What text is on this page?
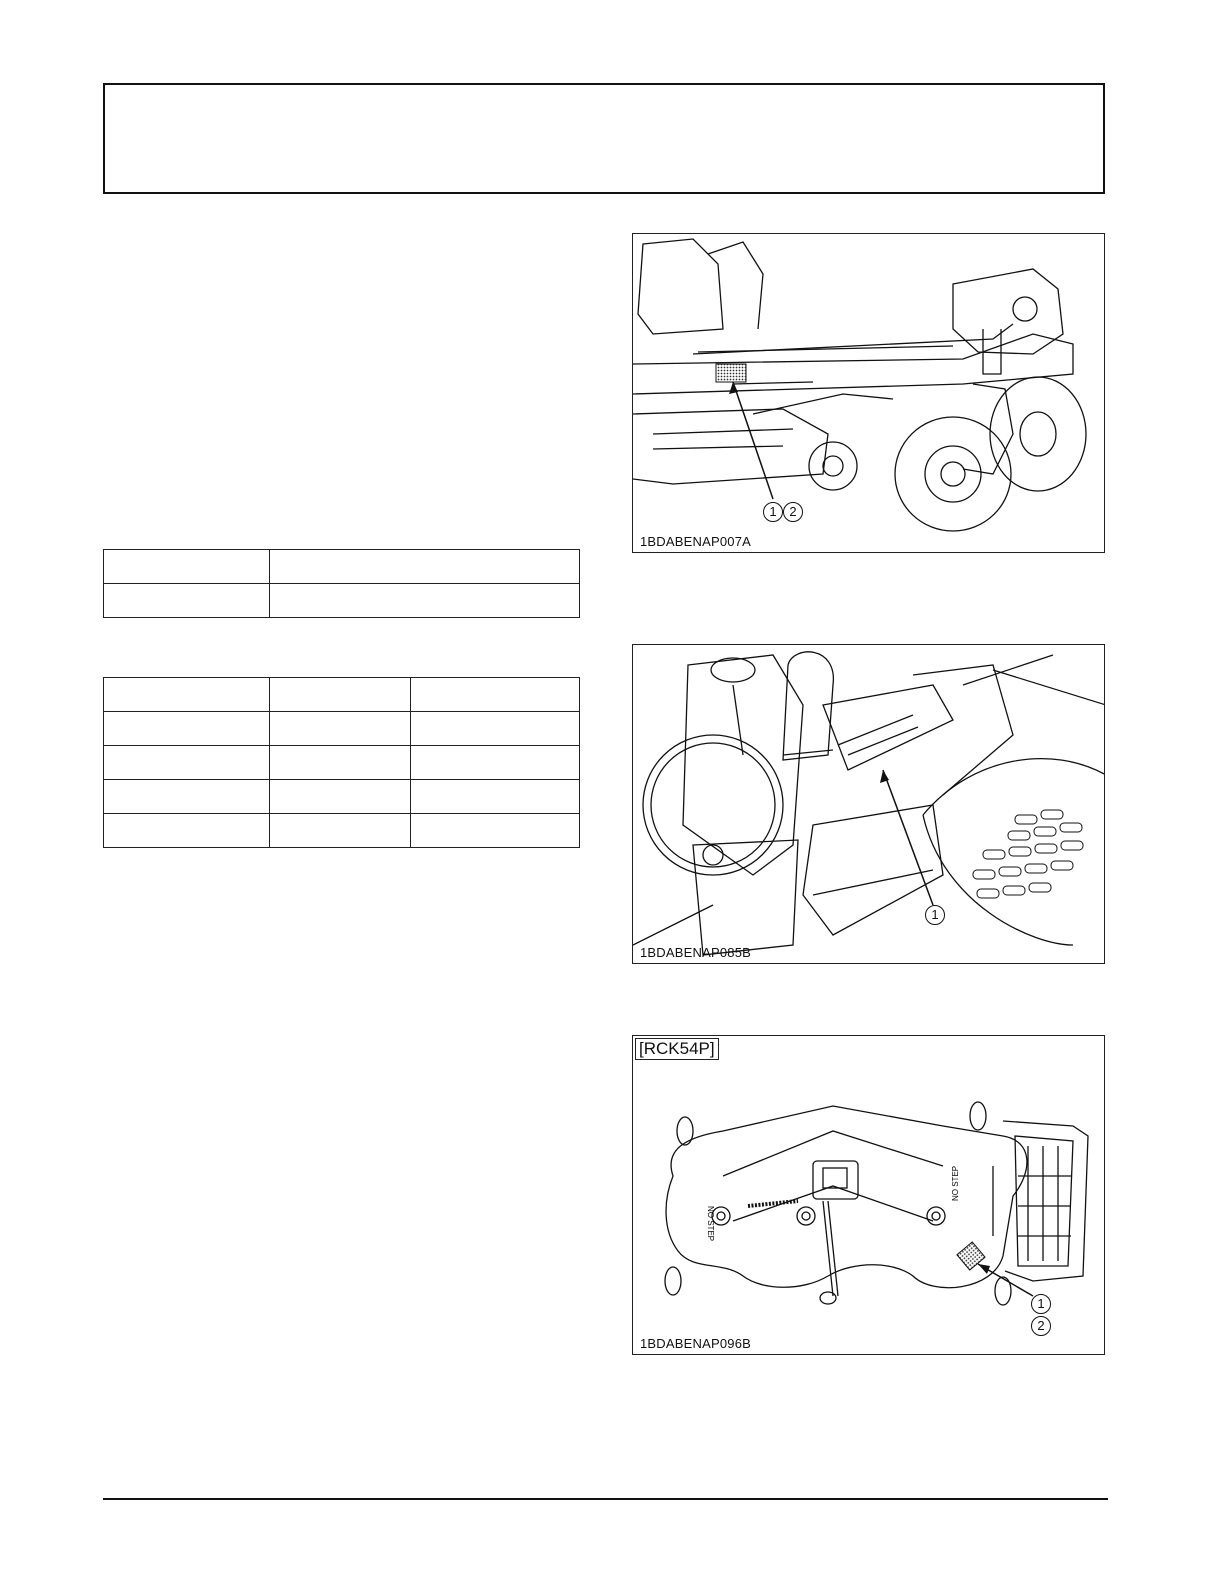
1 2
1BDABENAP007A
1
1BDABENAP085B
NO STEP
NO STEP
[RCK54P]
1
2
1BDABENAP096B
